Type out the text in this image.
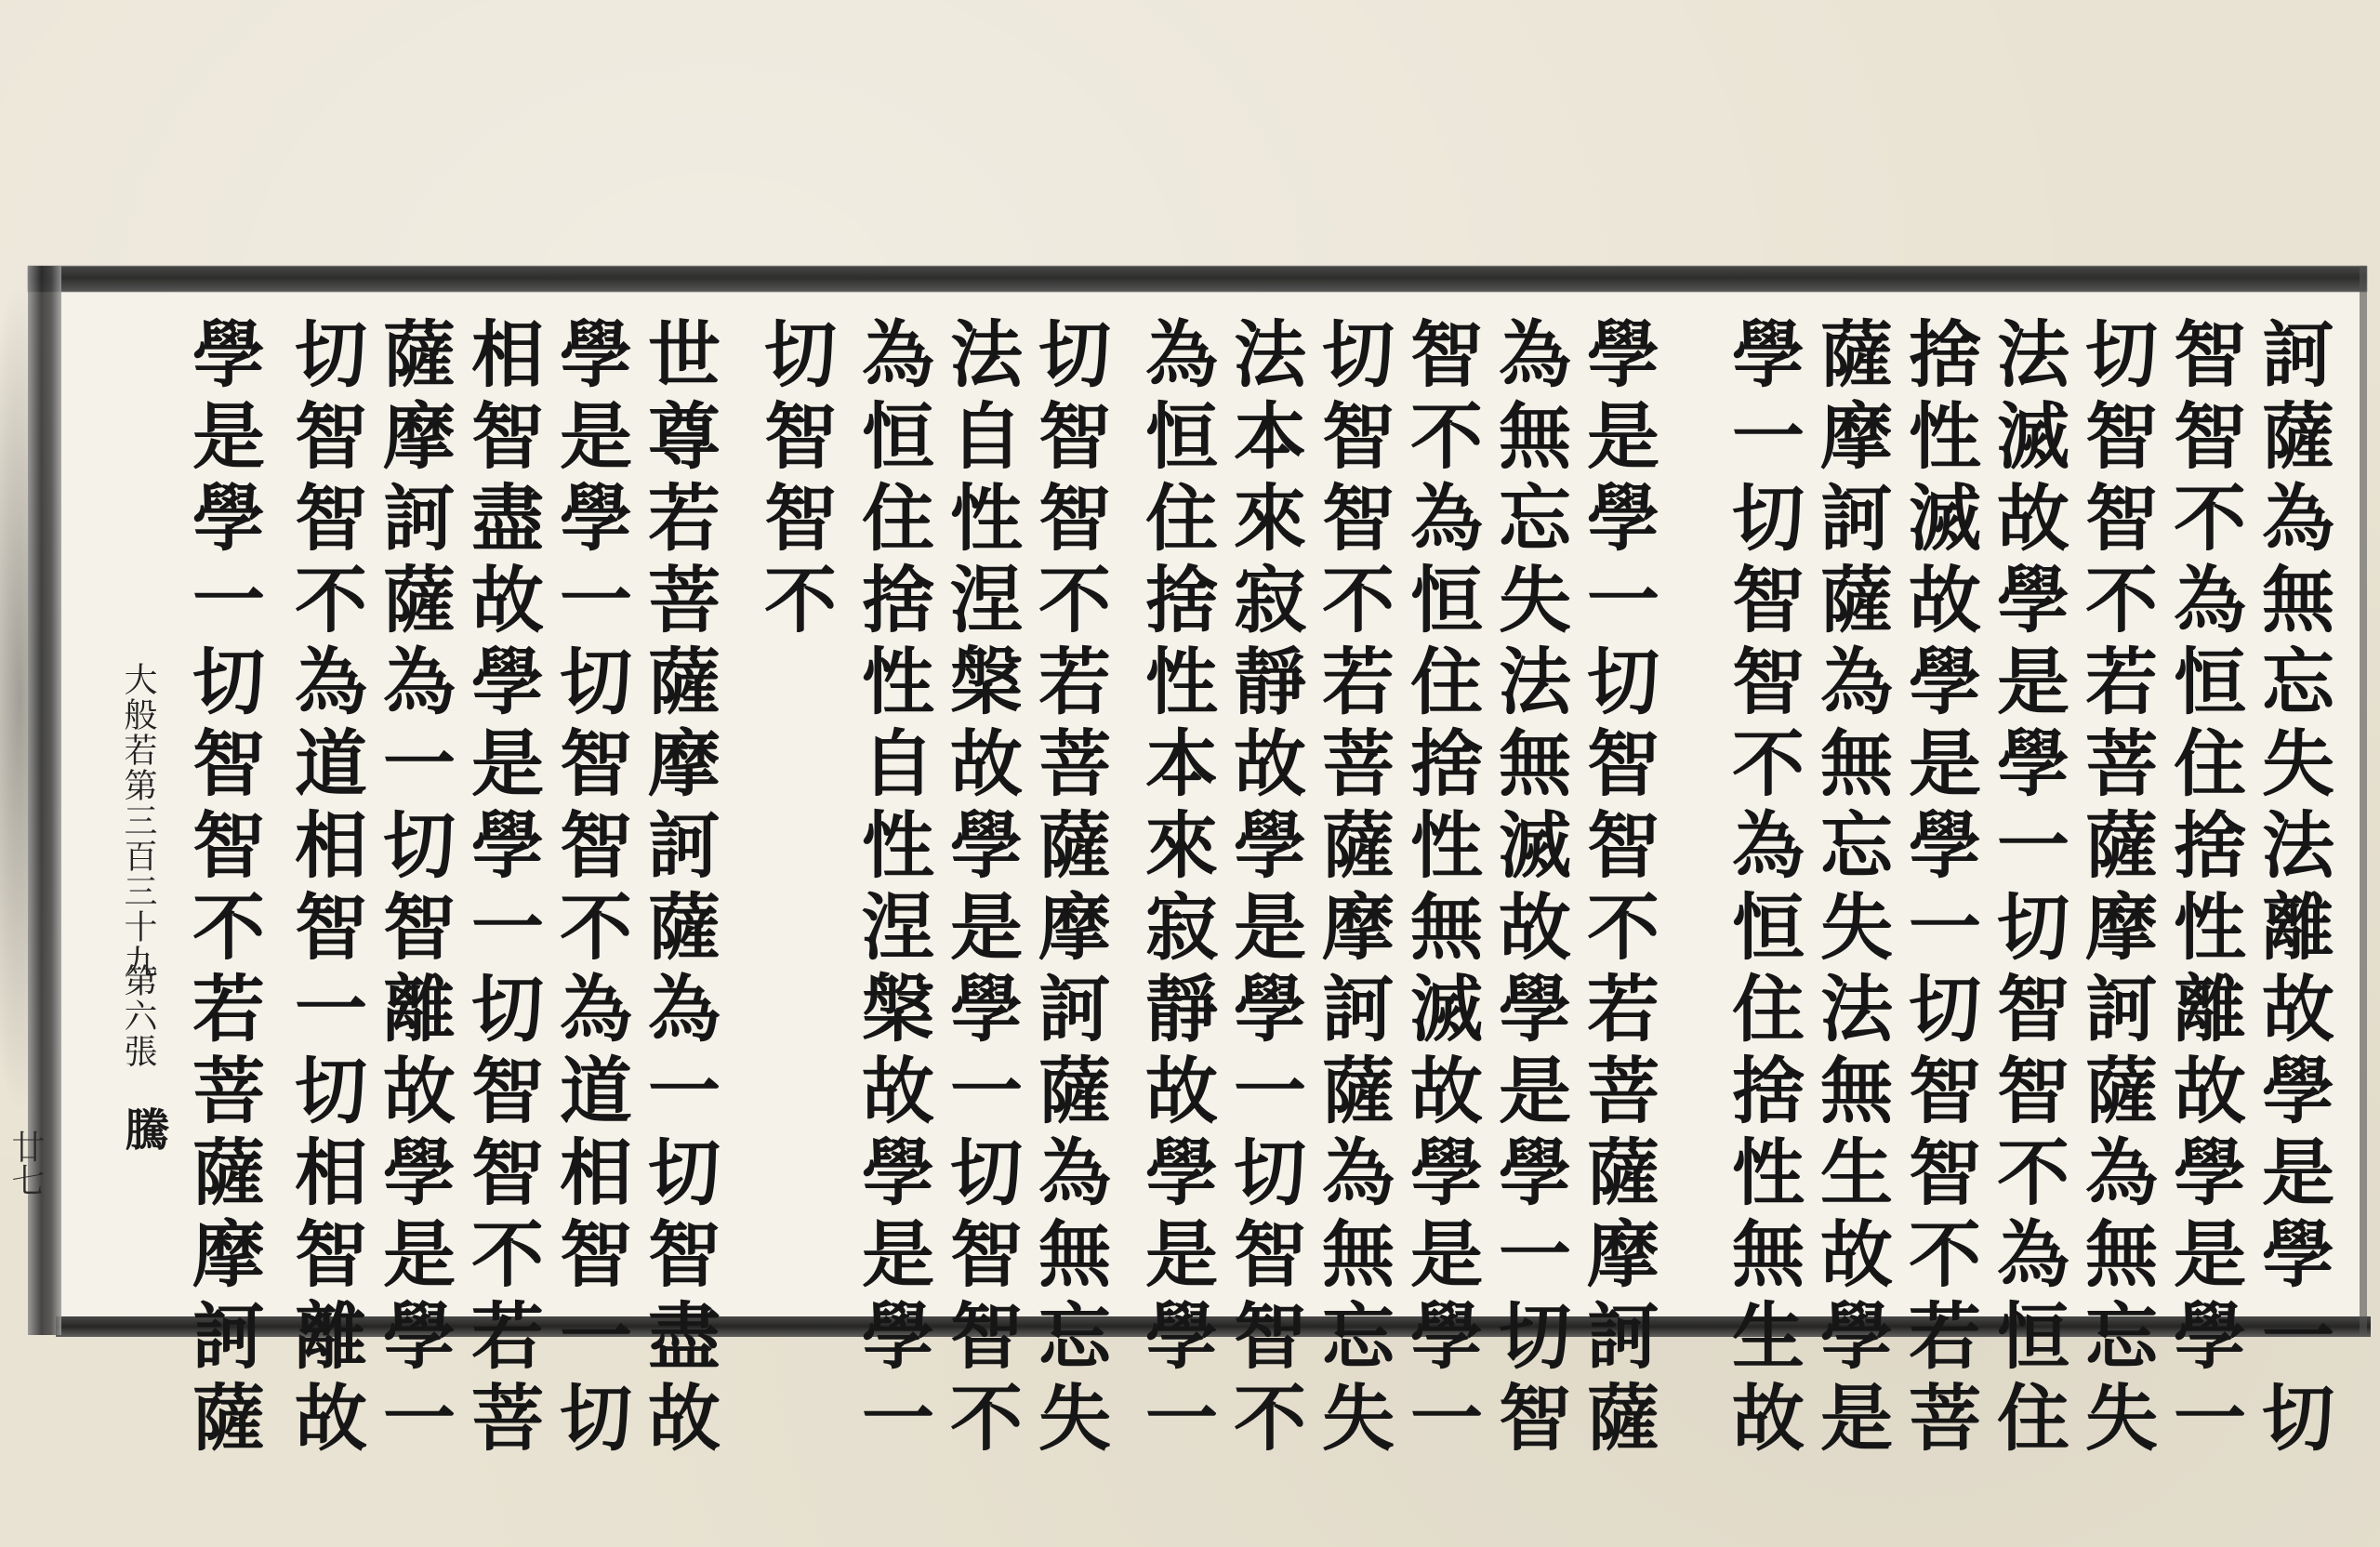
廿七	訶薩為無忘失法離故學是學一切
智智不為恒住捨性離故學是學一
切智智不若菩薩摩訶薩為無忘失
法滅故學是學一切智智不為恒住
捨性滅故學是學一切智智不若菩
薩摩訶薩為無忘失法無生故學是
學一切智智不為恒住捨性無生故
學是學一切智智不若菩薩摩訶薩
為無忘失法無滅故學是學一切智
智不為恒住捨性無滅故學是學一
切智智不若菩薩摩訶薩為無忘失
法本來寂靜故學是學一切智智不
為恒住捨性本來寂靜故學是學一
切智智不若菩薩摩訶薩為無忘失
法自性涅槃故學是學一切智智不
為恒住捨性自性涅槃故學是學一
切智智不
世尊若菩薩摩訶薩為一切智盡故
學是學一切智智不為道相智一切
相智盡故學是學一切智智不若菩
薩摩訶薩為一切智離故學是學一
切智智不為道相智一切相智離故
學是學一切智智不若菩薩摩訶薩
大般若第三百三十九
第六張
騰
